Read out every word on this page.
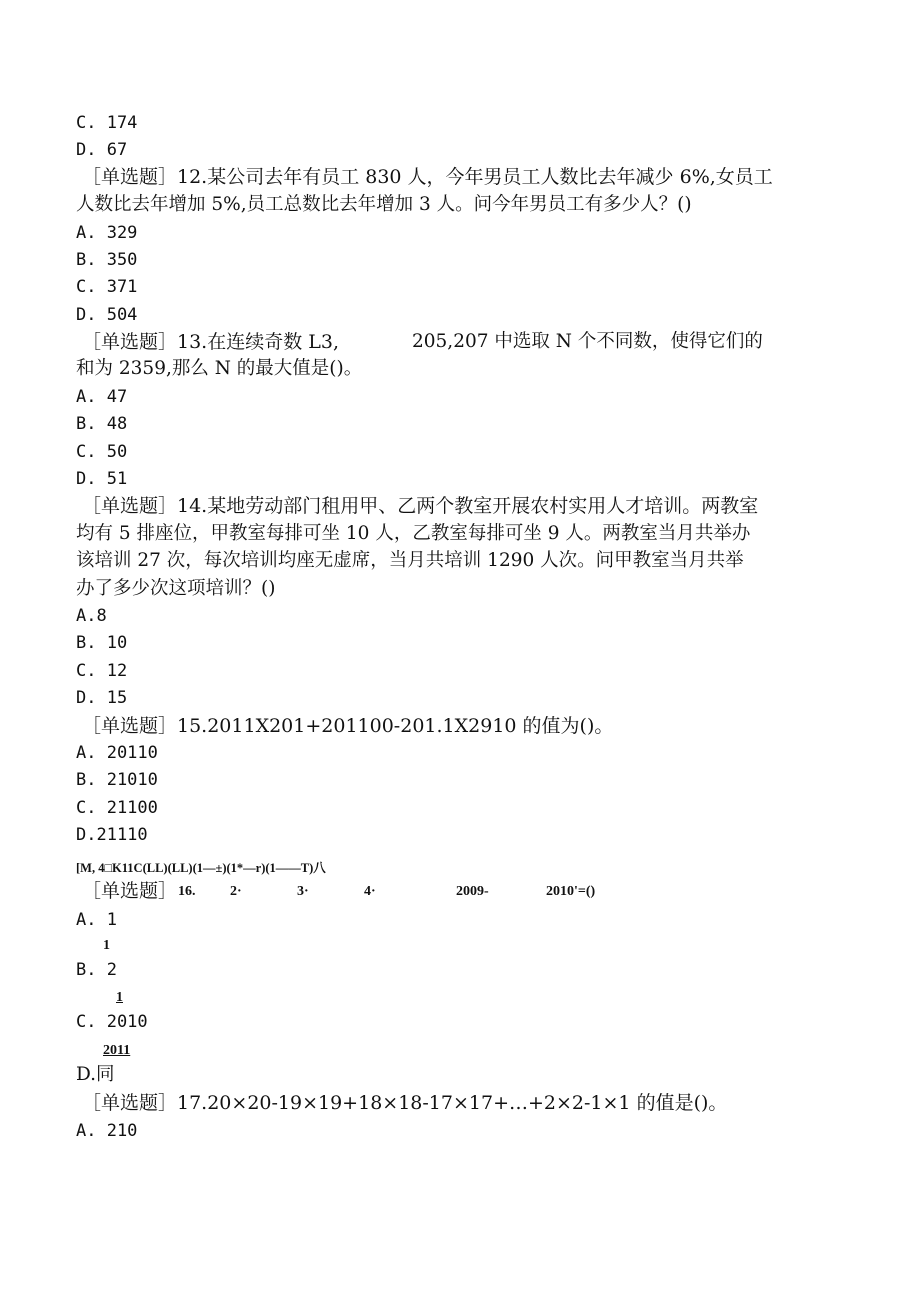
C. 174
D. 67
［单选题］12.某公司去年有员工 830 人，今年男员工人数比去年减少 6%,女员工
人数比去年增加 5%,员工总数比去年增加 3 人。问今年男员工有多少人？()
A. 329
B. 350
C. 371
D. 504
［单选题］13.在连续奇数 L3,	205,207 中选取 N 个不同数，使得它们的
和为 2359,那么 N 的最大值是()。
A. 47
B. 48
C. 50
D. 51
［单选题］14.某地劳动部门租用甲、乙两个教室开展农村实用人才培训。两教室
均有 5 排座位，甲教室每排可坐 10 人，乙教室每排可坐 9 人。两教室当月共举办
该培训 27 次，每次培训均座无虚席，当月共培训 1290 人次。问甲教室当月共举
办了多少次这项培训？()
A.8
B. 10
C. 12
D. 15
［单选题］15.2011X201+201100-201.1X2910 的值为()。
A. 20110
B. 21010
C. 21100
D.21110
[M, 4□K11C(LL)(LL)(1—±)(1*—r)(1——T)八
［单选题］ 16. 2·	3·	4·	2009-	2010'=()
A. 1
1
B. 2
1
C. 2010
2011
D.同
［单选题］17.20×20-19×19+18×18-17×17+…+2×2-1×1 的值是()。
A. 210
